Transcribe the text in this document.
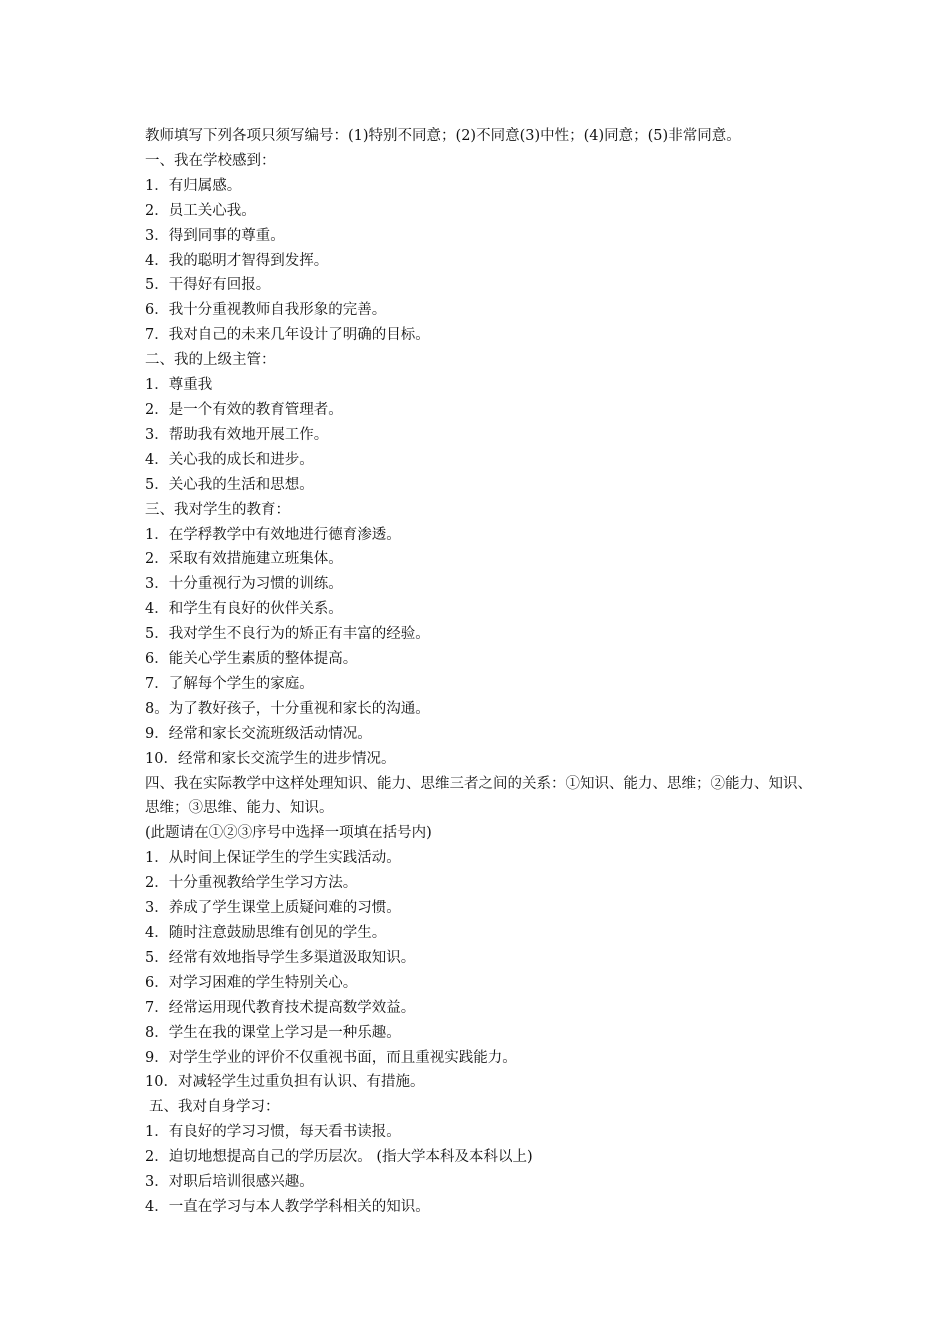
教师填写下列各项只须写编号：(1)特别不同意；(2)不同意(3)中性；(4)同意；(5)非常同意。

一、我在学校感到：

1．有归属感。

2．员工关心我。

3．得到同事的尊重。

4．我的聪明才智得到发挥。

5．干得好有回报。

6．我十分重视教师自我形象的完善。

7．我对自己的未来几年设计了明确的目标。

二、我的上级主管：

1．尊重我

2．是一个有效的教育管理者。

3．帮助我有效地开展工作。

4．关心我的成长和进步。

5．关心我的生活和思想。

三、我对学生的教育：

1．在学稃教学中有效地进行德育渗透。

2．采取有效措施建立班集体。

3．十分重视行为习惯的训练。

4．和学生有良好的伙伴关系。

5．我对学生不良行为的矫正有丰富的经验。

6．能关心学生素质的整体提高。

7．了解每个学生的家庭。

8。为了教好孩子，十分重视和家长的沟通。

9．经常和家长交流班级活动情况。

10．经常和家长交流学生的进步情况。

四、我在实际教学中这样处理知识、能力、思维三者之间的关系：①知识、能力、思维；②能力、知识、思维；③思维、能力、知识。

(此题请在①②③序号中选择一项填在括号内)

1．从时间上保证学生的学生实践活动。

2．十分重视教给学生学习方法。

3．养成了学生课堂上质疑问难的习惯。

4．随时注意鼓励思维有创见的学生。

5．经常有效地指导学生多渠道汲取知识。

6．对学习困难的学生特别关心。

7．经常运用现代教育技术提高数学效益。

8．学生在我的课堂上学习是一种乐趣。

9．对学生学业的评价不仅重视书面，而且重视实践能力。

10．对减轻学生过重负担有认识、有措施。

五、我对自身学习：

1．有良好的学习习惯，每天看书读报。

2．迫切地想提高自己的学历层次。 (指大学本科及本科以上)

3．对职后培训很感兴趣。

4．一直在学习与本人教学学科相关的知识。
